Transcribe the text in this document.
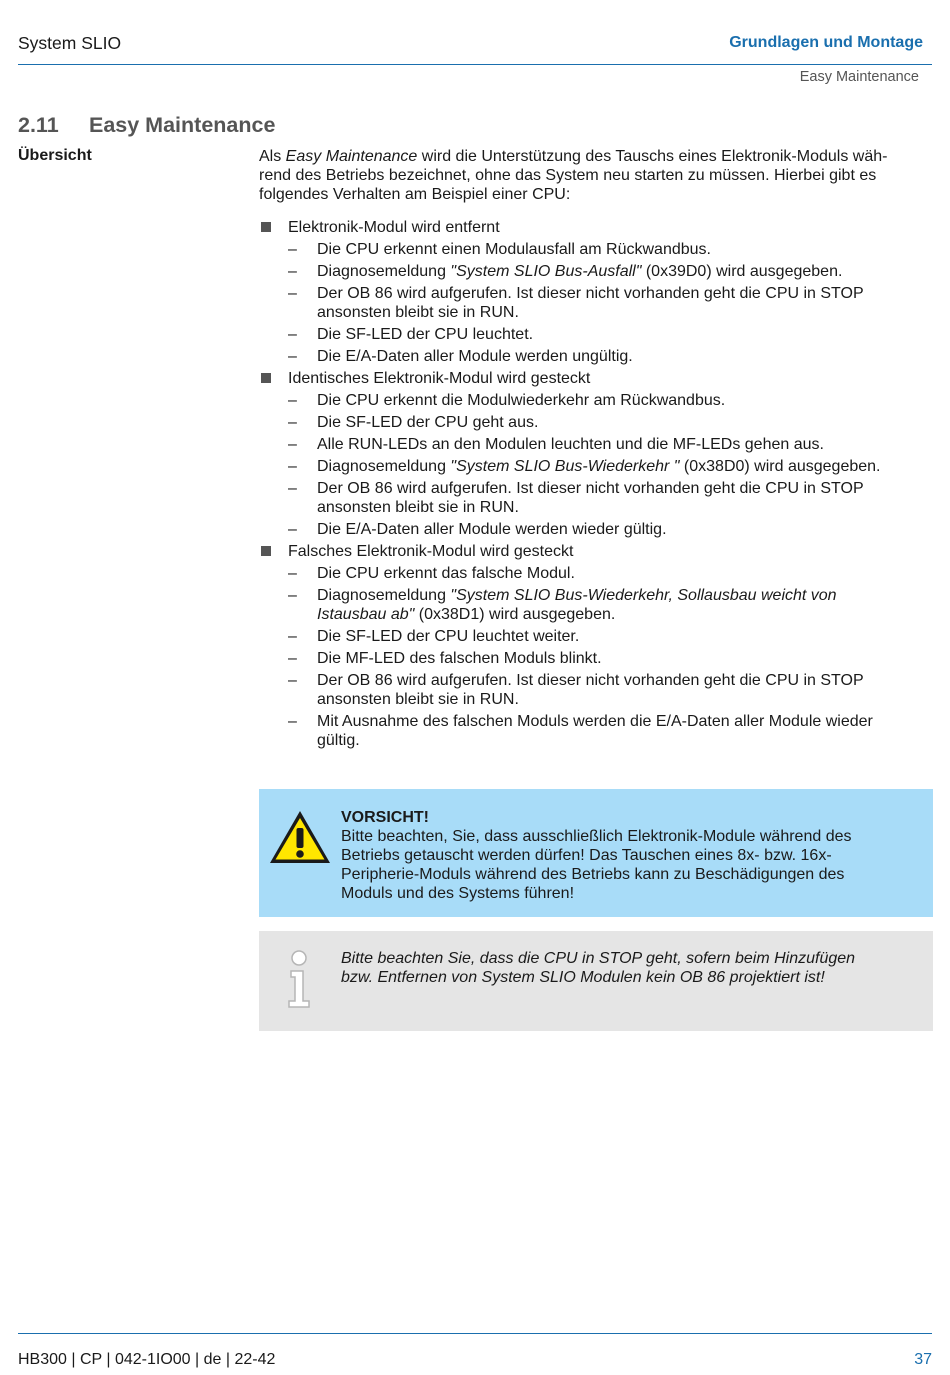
System SLIO	Grundlagen und Montage
Easy Maintenance
2.11 Easy Maintenance
Übersicht	Als Easy Maintenance wird die Unterstützung des Tauschs eines Elektronik-Moduls wäh-
rend des Betriebs bezeichnet, ohne das System neu starten zu müssen. Hierbei gibt es
folgendes Verhalten am Beispiel einer CPU:

Elektronik-Modul wird entfernt
– Die CPU erkennt einen Modulausfall am Rückwandbus.
– Diagnosemeldung "System SLIO Bus-Ausfall" (0x39D0) wird ausgegeben.
– Der OB 86 wird aufgerufen. Ist dieser nicht vorhanden geht die CPU in STOP
ansonsten bleibt sie in RUN.
– Die SF-LED der CPU leuchtet.
– Die E/A-Daten aller Module werden ungültig.
Identisches Elektronik-Modul wird gesteckt
– Die CPU erkennt die Modulwiederkehr am Rückwandbus.
– Die SF-LED der CPU geht aus.
– Alle RUN-LEDs an den Modulen leuchten und die MF-LEDs gehen aus.
– Diagnosemeldung "System SLIO Bus-Wiederkehr " (0x38D0) wird ausgegeben.
– Der OB 86 wird aufgerufen. Ist dieser nicht vorhanden geht die CPU in STOP
ansonsten bleibt sie in RUN.
– Die E/A-Daten aller Module werden wieder gültig.
Falsches Elektronik-Modul wird gesteckt
– Die CPU erkennt das falsche Modul.
– Diagnosemeldung "System SLIO Bus-Wiederkehr, Sollausbau weicht von
Istausbau ab" (0x38D1) wird ausgegeben.
– Die SF-LED der CPU leuchtet weiter.
– Die MF-LED des falschen Moduls blinkt.
– Der OB 86 wird aufgerufen. Ist dieser nicht vorhanden geht die CPU in STOP
ansonsten bleibt sie in RUN.
– Mit Ausnahme des falschen Moduls werden die E/A-Daten aller Module wieder
gültig.
VORSICHT!
Bitte beachten, Sie, dass ausschließlich Elektronik-Module während des
Betriebs getauscht werden dürfen! Das Tauschen eines 8x- bzw. 16x-
Peripherie-Moduls während des Betriebs kann zu Beschädigungen des
Moduls und des Systems führen!
Bitte beachten Sie, dass die CPU in STOP geht, sofern beim Hinzufügen
bzw. Entfernen von System SLIO Modulen kein OB 86 projektiert ist!
HB300 | CP | 042-1IO00 | de | 22-42	37
